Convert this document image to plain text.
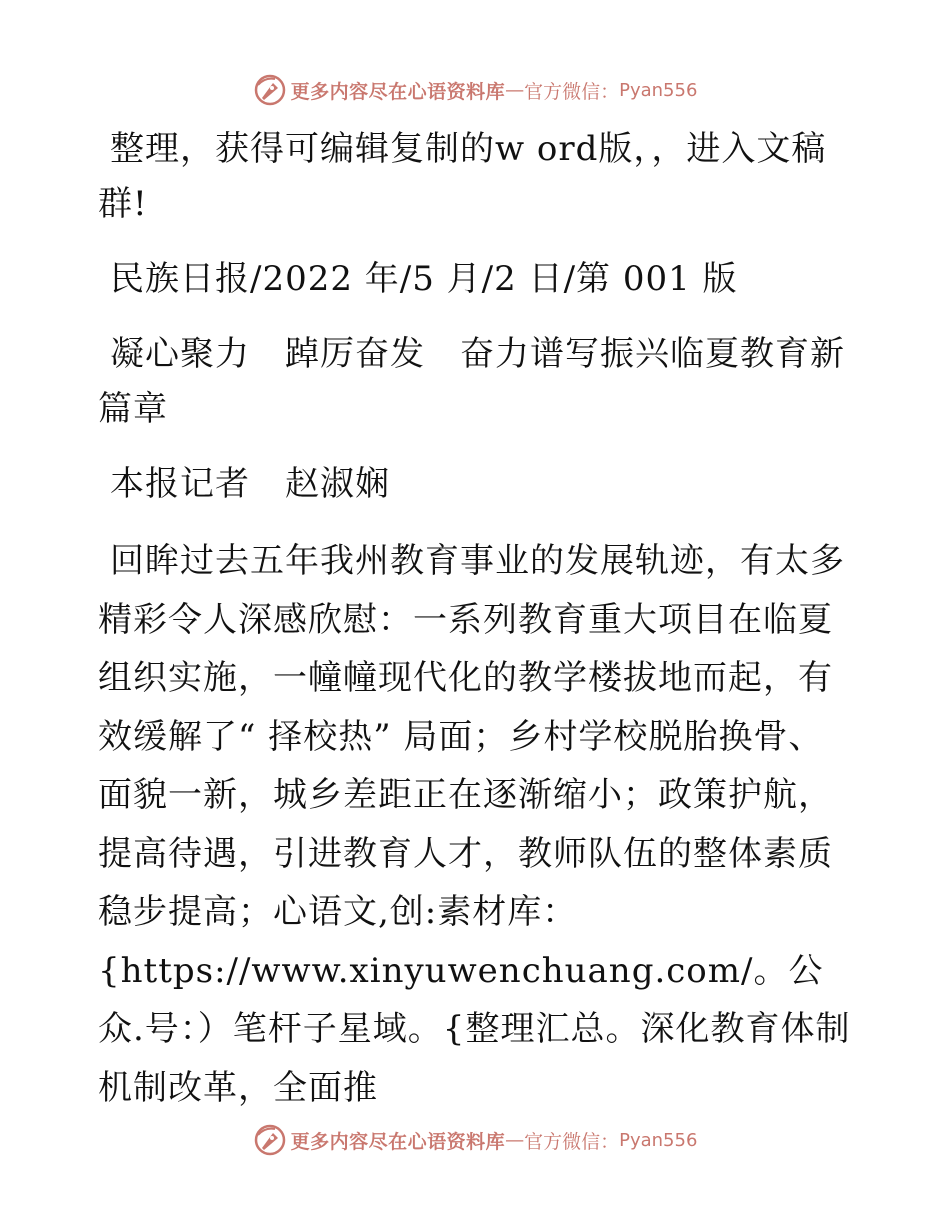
更多内容尽在心语资料库 — 官方微信： Pyan556

整理，获得可编辑复制的w ord版，，进入文稿群!

民族日报/2022 年/5 月/2 日/第 001 版

凝心聚力　踔厉奋发　奋力谱写振兴临夏教育新篇章

本报记者　赵淑娴

回眸过去五年我州教育事业的发展轨迹，有太多精彩令人深感欣慰：一系列教育重大项目在临夏组织实施，一幢幢现代化的教学楼拔地而起，有效缓解了“ 择校热” 局面；乡村学校脱胎换骨、面貌一新，城乡差距正在逐渐缩小；政策护航，提高待遇，引进教育人才，教师队伍的整体素质稳步提高；心语文,创:素材库：{https://www.xinyuwenchuang.com/。公众.号：）笔杆子星域。{整理汇总。深化教育体制机制改革，全面推

更多内容尽在心语资料库 — 官方微信： Pyan556
